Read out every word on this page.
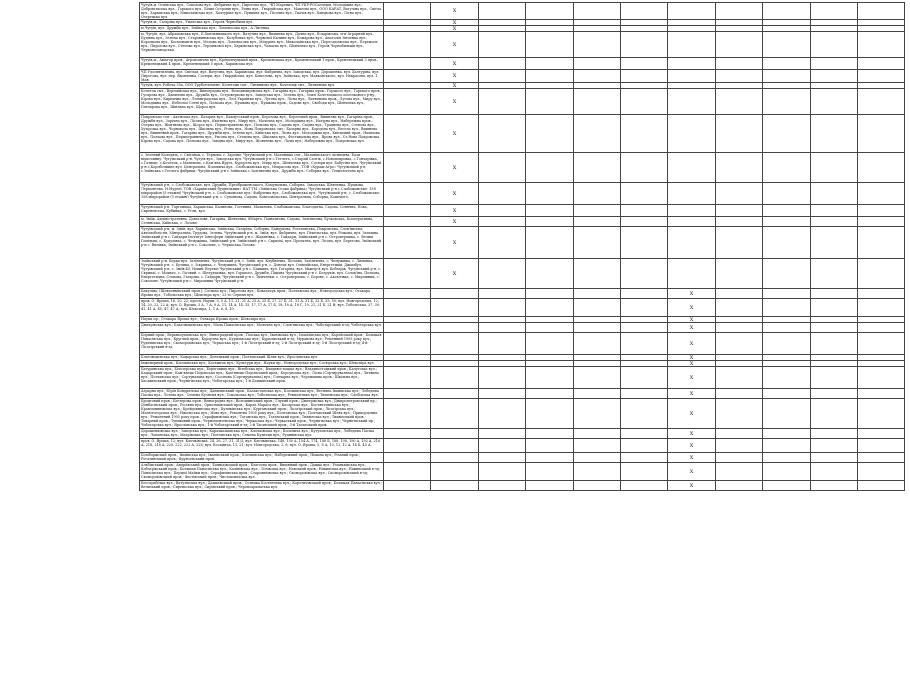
Чугуїв м. Оспівська вул., Соколова вул., Фабрична вул., Пирогова вул., ЧП Маренич, ЧП УКР-РОСагенція, Молодіжна вул., Добропільська вул., Горького вул., Білих Островів вул., Річна вул., Гвардійська вул., Макеєва вул., ООО КАРАТ, Вагуліна вул., Світла вул., Харківська вул., Миколаївська вул., Халтуріна вул., Пушкіна вул., Пісочна вул., Ткачів вул., Ханцьова вул., Лісна вул., Озерецька вул.		X									
Чугуїв м., Гагаріна вул., Уманська вул., Героїв Чорнобиля вул.		X									
м.Чугуїв, вул. Дружби вул., Зміївська вул., Ломоносова вул., А.Лисенка		X									
м. Чугуїв, вул. Абрамовська вул., Б.Хмельницького вул., Ватутіна вул., Вишнева вул., Дачна вул., Есхарівська, м-н Аграрний вул., Будівна вул., Зелена вул., Старовинівська вул., Козубенка вул., Червоної Калини вул., Комарова вул., Анатолія Зінченка вул., Королкова вул., Космонавтів вул., Медова вул., Ломоносова вул., Мічуріна вул., Миколаївська вул., Пересадоівська вул., Перемоги вул., Пирогова вул., Степова вул., Терешкової вул., Харківська вул., Чапаєва вул., Шевченко вул., Героїв Чорнобильців вул., Червонозаводська.		X									
Чугуїв м., Авіатор пров., Агрономічна вул., Кременчуцький пров., Кременецька вул., Кременецький 1 пров., Кременецький 3 пров., Кременецький 4 пров., Кременецький 5 пров., Харківська вул.		X									
ЧП Удосвятилічна, вул. Світлая, вул. Ватутіна, вул. Харківська, вул. Фабрична, вул. Заводська, вул. Дорошенка, вул. Халтуріна, вул. Пирогова, вул. пер. Яковлевка, Сосюри, вул. Гвардійська, вул. Кошелова, вул. Зміївська, вул. Маяковського, вул. Некрасова, вул. 1 Мая.		X									
Чугуїв, вул. Робоча 55а, ООО Трубоелемент, Кочетоцк смт., Литвинова вул., Кочетоцк смт., Литвинова вул.		X									
Кочеток смт., Веремійська вул., Виноградна вул., Володимирівська вул., Гагаріна вул., Гагаріна пров., Горького вул., Горького пров., Гусарева вул., Данилова вул., Дружба вул., Островерхова вул., Заводська вул., Зелена вул., Землі Кочетоцького поселкового р-ну., Кірова вул., Кирпична вул., Ленінградська вул., Лесі Українки вул., Лугова вул., Лісна вул., Литвинова пров., Лугова вул., Миру вул., Молодіжна вул., Небесної Сотні вул., Польова вул., Пушкіна вул., Пушкіна пров., Садова вул., Свободи вул., Шевченка вул., Гончарова вул., Шкільна вул., Щорса вул.		X									
Покровське смт.: Актівська вул., Базарна вул., Бахмутський пров., Березова вул., Береговий пров., Вишнева вул., Гагаріна пров., Дружби вул., Зарічна вул., Лісова вул., Квітнева вул., Миру вул., Молочна вул., Молодіжна вул., Нагірна вул., Набережна пров., Озерна вул., Жовтнева вул., Щорса вул., Першотравнева вул., Польова вул., Садова вул., Східна вул., Травнева вул., Степова вул., Хутірська вул., Чорновола вул., Шкільна вул., Річна вул., Нова Покровська смт.: Базарна вул., Бородіна вул., Весела вул., Вишнева вул., Вишневий пров., Гагаріна вул., Дружби вул., Зелена вул., Київська вул., Лісна вул., Молодіжна вул., Квітковий пров., Нахімова вул., Польова вул., Першотравнева вул., Рисова вул., Степова вул., Шкільна вул., Фестивальна вул., Ярова вул., Ст.Нова Покровська Кірова вул., Садова вул., Польова вул., Західна вул., Миру вул., Жовтнева вул., Лісна вул., Набережна вул., Покровська вул.		X									
с. Зелений Колодязь, с. Світанок, с. Тернова, с. Зарічне, Чугуївський р-н, Малинівка смт., Малинівського лісництва. Бази відпочинку. Чугуївський р-н, Чугуїв вул., Заводська вул. Чугуївський р-н с.Тетлега, с.Старий Салтів, с.Новопокровка, с.Гончарівка, с.Гатище, с.Кочеток, с.Малинове, с.Кам'яна Яруга, Курортна вул., Миру вул., Шевченка вул., Сосюри вул. Бабусіна вул. Чугуївський р-н с.Коробочкине вул. Центральна, Поповича вул., Слобожанська вул., Некрасова вул., ТОВ «Кураж-Агро» Чугуївський р-н с.Зміївська с.Тетлега фабрики, Чугуївський р-н с.Зміївська с.Залізнична вул., Дружби вул., Соборна вул., Технологічна вул.		X									
Чугуївський р-н, с. Слобожанське, вул. Дружби, Преображенського, Комунальна, Соборна, Заводська, Шевченка, Пушкіна, Лермонтова. Н.Мурзеї. ТОВ «Харківський будівельник» НАТ ТМ «Зміївська Осока фабрика» Чугуївський р-н с.Слобожанське: 158 мікрорайон (5 етажні) Чугуївський р-н, с. Слобожанське вул.: Фабрична вул., Слобожанська вул., Чугуївський р-н, с. Слобожанське: 158 мікрорайон (5 етажні) Чугуївський р-н, с. Сухоїнова, Садова, Комсомольська, Центральна, Соборна, Кошевого.		X									
Чугуївський р-н. Тарганівка, Харківська, Калинова, Гостинна, Малинова, Слобожанська, Благодатна, Садова, Сонячна, Нова, Сиреневська, Кубинка, с. Угли, вул.		X									
м. Зміїв, Адміністративна, Довгалова, Гагаріна, Шевченко, 8Марта, Гімназична, Садова, Залізнична, Бузковська, Кооперативна, Селянська, Київська, с. Лозове.		X									
Чугуївський р-н, м. Зміїв, вул. Харківська, Зміївська, Гагаріна, Соборна, Байдукова, Рогатинська, Покровська, Слов'янська, Автомобілістів, Мінеральна, Трудова, Зелена. Чугуївський р-н, м. Зміїв, вул. Фабрична, вул. Пекельська, вул. Річкова, вул. Затишна. Зміївський р-н с. Гайдари Інститут Іоносфери Зміївський р-н с. Жаданівка, с. Гайдари, Зміївський р-н с. Островерхівка, с. Великі Гомільші, с. Кукулівка, с. Чемужівка, Зміївський р-н, Зміївський р-н с. Скрипаї, вул. Проектна, вул. Лісова, вул. Берегова, Зміївський р-н с. Вилівка, Зміївський р-н с. Соколове, с. Черкаська Лозова.		X									
Зміївський р-н. Берка-вул. Залізнична, Чугуївський р-н, с. Зміїв, вул. Клубнична, Пісчана, Залізнична, с. Чемужівка, с. Лиманка, Чугуївський р-н, с. Бутівка, с. Іскринка, с. Чемужина. Чугуївський р-н, с. Донець вул. Олімпійська, Енергетиків, Джамбул, Чугуївський р-н, с. Зміїв-40, Новий Перевіз Чугуївський р-н с. Бішкинь, вул. Гагаріна, вул. Міжгір'я вул. Кобзарів. Чугуївський р-н, с. Скрипаї, с. Мохнач, с. Лісовий, с. Шелудьківка, вул. Горького, Дружби, Піщана Чугуївський р-н с. Безруків, вул. Солов'їна, Польова, Енергетична, Степова, Гагаріна, с. Гайдари, Чугуївський р-н с. Тимченки, с. Островерхова, с. Борове, с. Аксютівка, с. Мирошник, с. Соколове, Чугуївський р-н с. Мирошник Чугуївський р-н.		X									
Бакуліна, (Шевченківський пров.): Сосніна вул.; Пирогова вул.; Ковальчук пров.; Полтавська вул.; Новгородська вул.; Отакара Яроша вул.; Тобольська вул.; Шекспіра вул.; 23-го Серпня вул.							X				
пров. О. Яроша, 16, 20, 22; просп. Науки, 5, 5 А, 11, 21, 21 А, 25 А, 25 Б, 27, 27 Б, 31, 31 А, 31 Б, 33 Б, 35, 50; вул. Новгородська, 12, 14, 20, 22, 22 А; вул. О. Яроша, 3 А, 7 А, 9 А, 11, 14 А, 14, 15, 17, 17 А, 17 Б, 18, 18 А, 18 Г, 19, 21, 21 Б, 21 В; вул. Тобольська, 37, 39, 41, 41 А, 45, 47, 47 А; вул. Шекспіра, 1, 1 А, 6, 8, 10.							X				
Науки пр.; Отакара Яроша вул.; Отакара Яроша пров.; Шекспіра вул.							X				
Дмитрівська вул.; Благовіщенська вул.; Мала Панасівська вул.; Молочна вул.; Слов'янська вул.; Чоботарський в-зд; Чоботарська вул.							X				
Борний пров.; Верхньоуманська вул.; Виноградний пров.; Гімська вул.; Іванівська вул.; Ізмаїлівська вул.; Корейський пров.; Большая Панасівська вул.; Круглий пров.; Курортна вул.; Курилівська вул.; Курилівський в-зд; Муранова вул.; Ременний 1905 року вул.; Рудинівська вул.; Скоморохівська вул.; Черкаська вул.; 1-й Лісогірський в-зд; 2-й Лісогірський в-зд; 3-й Лісогірський в-зд; 4-й Лісогірський в-зд.							X				
Благовіщенська вул.; Кацарська вул.; Донецький пров.; Полтавський Шлях вул.; Ярославська вул.							X				
Інженерний пров.; Клочківська вул.; Косьмича вул.; Культури вул.; Науки пр.; Новгородська вул.; Сосюрська вул.; Шекспіра вул.							X				
Батуринська вул.; Білозерська вул.; Береговиць вул.; Вітебська вул.; Владивостоцька вул.; Владивостоцький пров.; Калугська вул.; Кацарський пров.; Кам'янець-Подільська вул.; Кам'янець-Подільський пров.; Корсунська вул.; Лісна (Сортирувальна) вул.; Литвина вул.; Полтавська вул.; Сортувальна вул.; Сосонова (Сортирувальна) вул.; Гончарна вул.; Черемшина пров.; Шкільна вул.; Хасавинський пров.; Чернігівська вул.; Чоботарська вул.; 1-й Дашківський пров.							X				
Аграрна вул.; Юрія Кондратюка вул.; Данилівський пров.; Казахстанська вул.; Клочківська вул.; Весняна Іванівська вул.; Лебедина Пасіка вул.; Лотова вул.; Семена Кузнеця вул.; Сокільська вул.; Тобольська вул.; Ревполітика вул.; Тюменська вул.; Слобідська вул.							X				
Броцтовий пров.; Бегтерова пров.; Виноградна вул.; Волошинський пров.; Глухий пров.; Дмитрівська вул.; Дніпропетровський пр.; Донбасівський пров.; Росіяна вул.; Орвольківський пров.; Карла Маркса вул.; Касарська вул.; Костянтинівська вул.; Крамчанинівська вул.; Крейдовинська вул.; Куликівська вул.; Курганський пров.; Лісогірський пров.; Лісогірська вул.; Магнітогорська вул.; Нікольська вул.; Нова вул.; Ремонтна 1905 року вул.; Полтавська вул.; Полтавський Шлях вул.; Прикордонна вул.; Ремонтний 1905 року пров.; Серафимівська вул.; Таганська вул.; Таганський пров.; Тихвінська вул.; Тихвінський пров.; Товарний пров.; Тупиковий пров.; Черномонтенська вул.; Черкаська вул.; Черкаський пров.; Чернігівська вул.; Чернігівський пр.; Чоботарська вул.; Ярославська вул.; 1-й Чоботарський в-зд; 2-й Таганський пров.; 3-й Таганський пров.							X				
Дорошенківська вул.; Заводська вул.; Карачкашанська вул.; Клочківська вул.; Косьмича вул.; Кутузовська вул.; Лебедина Пасіка вул.; Лопанська вул.; Маєрівська вул.; Полтавська вул.; Семена Кузнеця вул.; Рудинівська вул.							X				
пров. О. Яроша, 12; вул. Клочківська, 24, 26, 27, 31, 31/3; вул. Клочківська, 148, 150 А, 154 А, 174, 188 Б, 188, 190, 190 А, 192 А, 216 А, 218, 218 А, 220, 222, 222 А, 228; вул. Косьмича, 11, 21; вул. Новгородська, 2, 6; вул. О. Яроша, 5, 8 А, 10, 12, 12 А, 14 Б, 45 А.							X				
Білоборжский пров.; Іванівська вул.; Іванівський пров.; Клочківська вул.; Набережний пров.; Пішана вул.; Різаний пров.; Рогатинський пров.; Фрунзенський пров.							X				
Альбінський пров.; Андріївський пров.; Баянідівський пров.; Благоєва пров.; Вишнівий пров.; Дащка вул.; Уманьківська вул.; Кобзарівський пров.; Большая Панасівська вул.; Калінівська вул.; Лозівська вул.; Невський пров.; Ніжинська вул.; Ніжинський в-зд; Панасівська вул.; Першої Майки вул.; Серафимівська пров.; Старовинівська вул.; Скоморохівська вул.; Скоморохівський в-зд; Скоморохівський пров.; Фастівський пров.; Чистоковпіська вул.							X				
Бессарабська вул.; Ватутінська вул.; Дашаєвський пров.; Сотника Костенчева вул.; Коротичівський пров.; Большая Панасівська вул.; Велизький пров.; Сиреньська вул.; Сирінський пров.; Чероноараматька вул.							X				
